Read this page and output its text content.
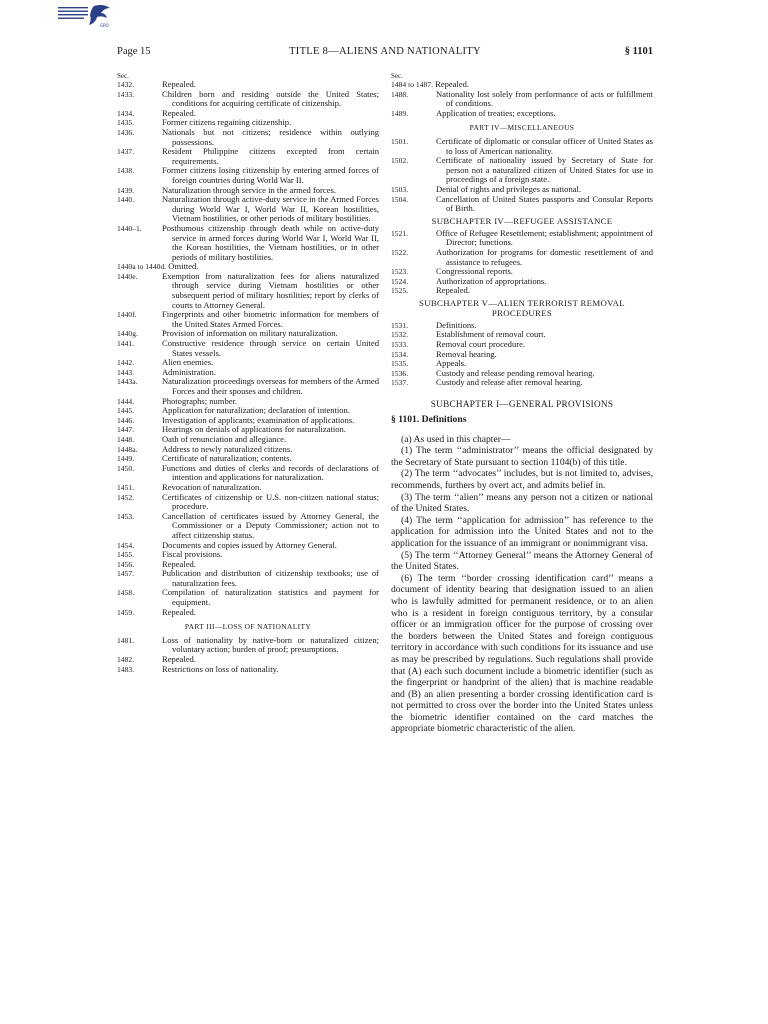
GPO
Page 15	TITLE 8—ALIENS AND NATIONALITY	§ 1101
Sec.
1432.	Repealed.
1433.	Children born and residing outside the United States; conditions for acquiring certificate of citizenship.
1434.	Repealed.
1435.	Former citizens regaining citizenship.
1436.	Nationals but not citizens; residence within outlying possessions.
1437.	Resident Philippine citizens excepted from certain requirements.
1438.	Former citizens losing citizenship by entering armed forces of foreign countries during World War II.
1439.	Naturalization through service in the armed forces.
1440.	Naturalization through active-duty service in the Armed Forces during World War I, World War II, Korean hostilities, Vietnam hostilities, or other periods of military hostilities.
1440–1. Posthumous citizenship through death while on active-duty service in armed forces during World War I, World War II, the Korean hostilities, the Vietnam hostilities, or in other periods of military hostilities.
1440a to 1440d. Omitted.
1440e.	Exemption from naturalization fees for aliens naturalized through service during Vietnam hostilities or other subsequent period of military hostilities; report by clerks of courts to Attorney General.
1440f.	Fingerprints and other biometric information for members of the United States Armed Forces.
1440g.	Provision of information on military naturalization.
1441.	Constructive residence through service on certain United States vessels.
1442.	Alien enemies.
1443.	Administration.
1443a.	Naturalization proceedings overseas for members of the Armed Forces and their spouses and children.
1444.	Photographs; number.
1445.	Application for naturalization; declaration of intention.
1446.	Investigation of applicants; examination of applications.
1447.	Hearings on denials of applications for naturalization.
1448.	Oath of renunciation and allegiance.
1448a.	Address to newly naturalized citizens.
1449.	Certificate of naturalization; contents.
1450.	Functions and duties of clerks and records of declarations of intention and applications for naturalization.
1451.	Revocation of naturalization.
1452.	Certificates of citizenship or U.S. non-citizen national status; procedure.
1453.	Cancellation of certificates issued by Attorney General, the Commissioner or a Deputy Commissioner; action not to affect citizenship status.
1454.	Documents and copies issued by Attorney General.
1455.	Fiscal provisions.
1456.	Repealed.
1457.	Publication and distribution of citizenship textbooks; use of naturalization fees.
1458.	Compilation of naturalization statistics and payment for equipment.
1459.	Repealed.
PART III—LOSS OF NATIONALITY
1481.	Loss of nationality by native-born or naturalized citizen; voluntary action; burden of proof; presumptions.
1482.	Repealed.
1483.	Restrictions on loss of nationality.
Sec.
1484 to 1487. Repealed.
1488.	Nationality lost solely from performance of acts or fulfillment of conditions.
1489.	Application of treaties; exceptions.
PART IV—MISCELLANEOUS
1501.	Certificate of diplomatic or consular officer of United States as to loss of American nationality.
1502.	Certificate of nationality issued by Secretary of State for person not a naturalized citizen of United States for use in proceedings of a foreign state.
1503.	Denial of rights and privileges as national.
1504.	Cancellation of United States passports and Consular Reports of Birth.
SUBCHAPTER IV—REFUGEE ASSISTANCE
1521.	Office of Refugee Resettlement; establishment; appointment of Director; functions.
1522.	Authorization for programs for domestic resettlement of and assistance to refugees.
1523.	Congressional reports.
1524.	Authorization of appropriations.
1525.	Repealed.
SUBCHAPTER V—ALIEN TERRORIST REMOVAL PROCEDURES
1531.	Definitions.
1532.	Establishment of removal court.
1533.	Removal court procedure.
1534.	Removal hearing.
1535.	Appeals.
1536.	Custody and release pending removal hearing.
1537.	Custody and release after removal hearing.
SUBCHAPTER I—GENERAL PROVISIONS
§ 1101. Definitions

(a) As used in this chapter—

(1) The term ‘‘administrator’’ means the official designated by the Secretary of State pursuant to section 1104(b) of this title.

(2) The term ‘‘advocates’’ includes, but is not limited to, advises, recommends, furthers by overt act, and admits belief in.

(3) The term ‘‘alien’’ means any person not a citizen or national of the United States.

(4) The term ‘‘application for admission’’ has reference to the application for admission into the United States and not to the application for the issuance of an immigrant or nonimmigrant visa.

(5) The term ‘‘Attorney General’’ means the Attorney General of the United States.

(6) The term ‘‘border crossing identification card’’ means a document of identity bearing that designation issued to an alien who is lawfully admitted for permanent residence, or to an alien who is a resident in foreign contiguous territory, by a consular officer or an immigration officer for the purpose of crossing over the borders between the United States and foreign contiguous territory in accordance with such conditions for its issuance and use as may be prescribed by regulations. Such regulations shall provide that (A) each such document include a biometric identifier (such as the fingerprint or handprint of the alien) that is machine readable and (B) an alien presenting a border crossing identification card is not permitted to cross over the border into the United States unless the biometric identifier contained on the card matches the appropriate biometric characteristic of the alien.
